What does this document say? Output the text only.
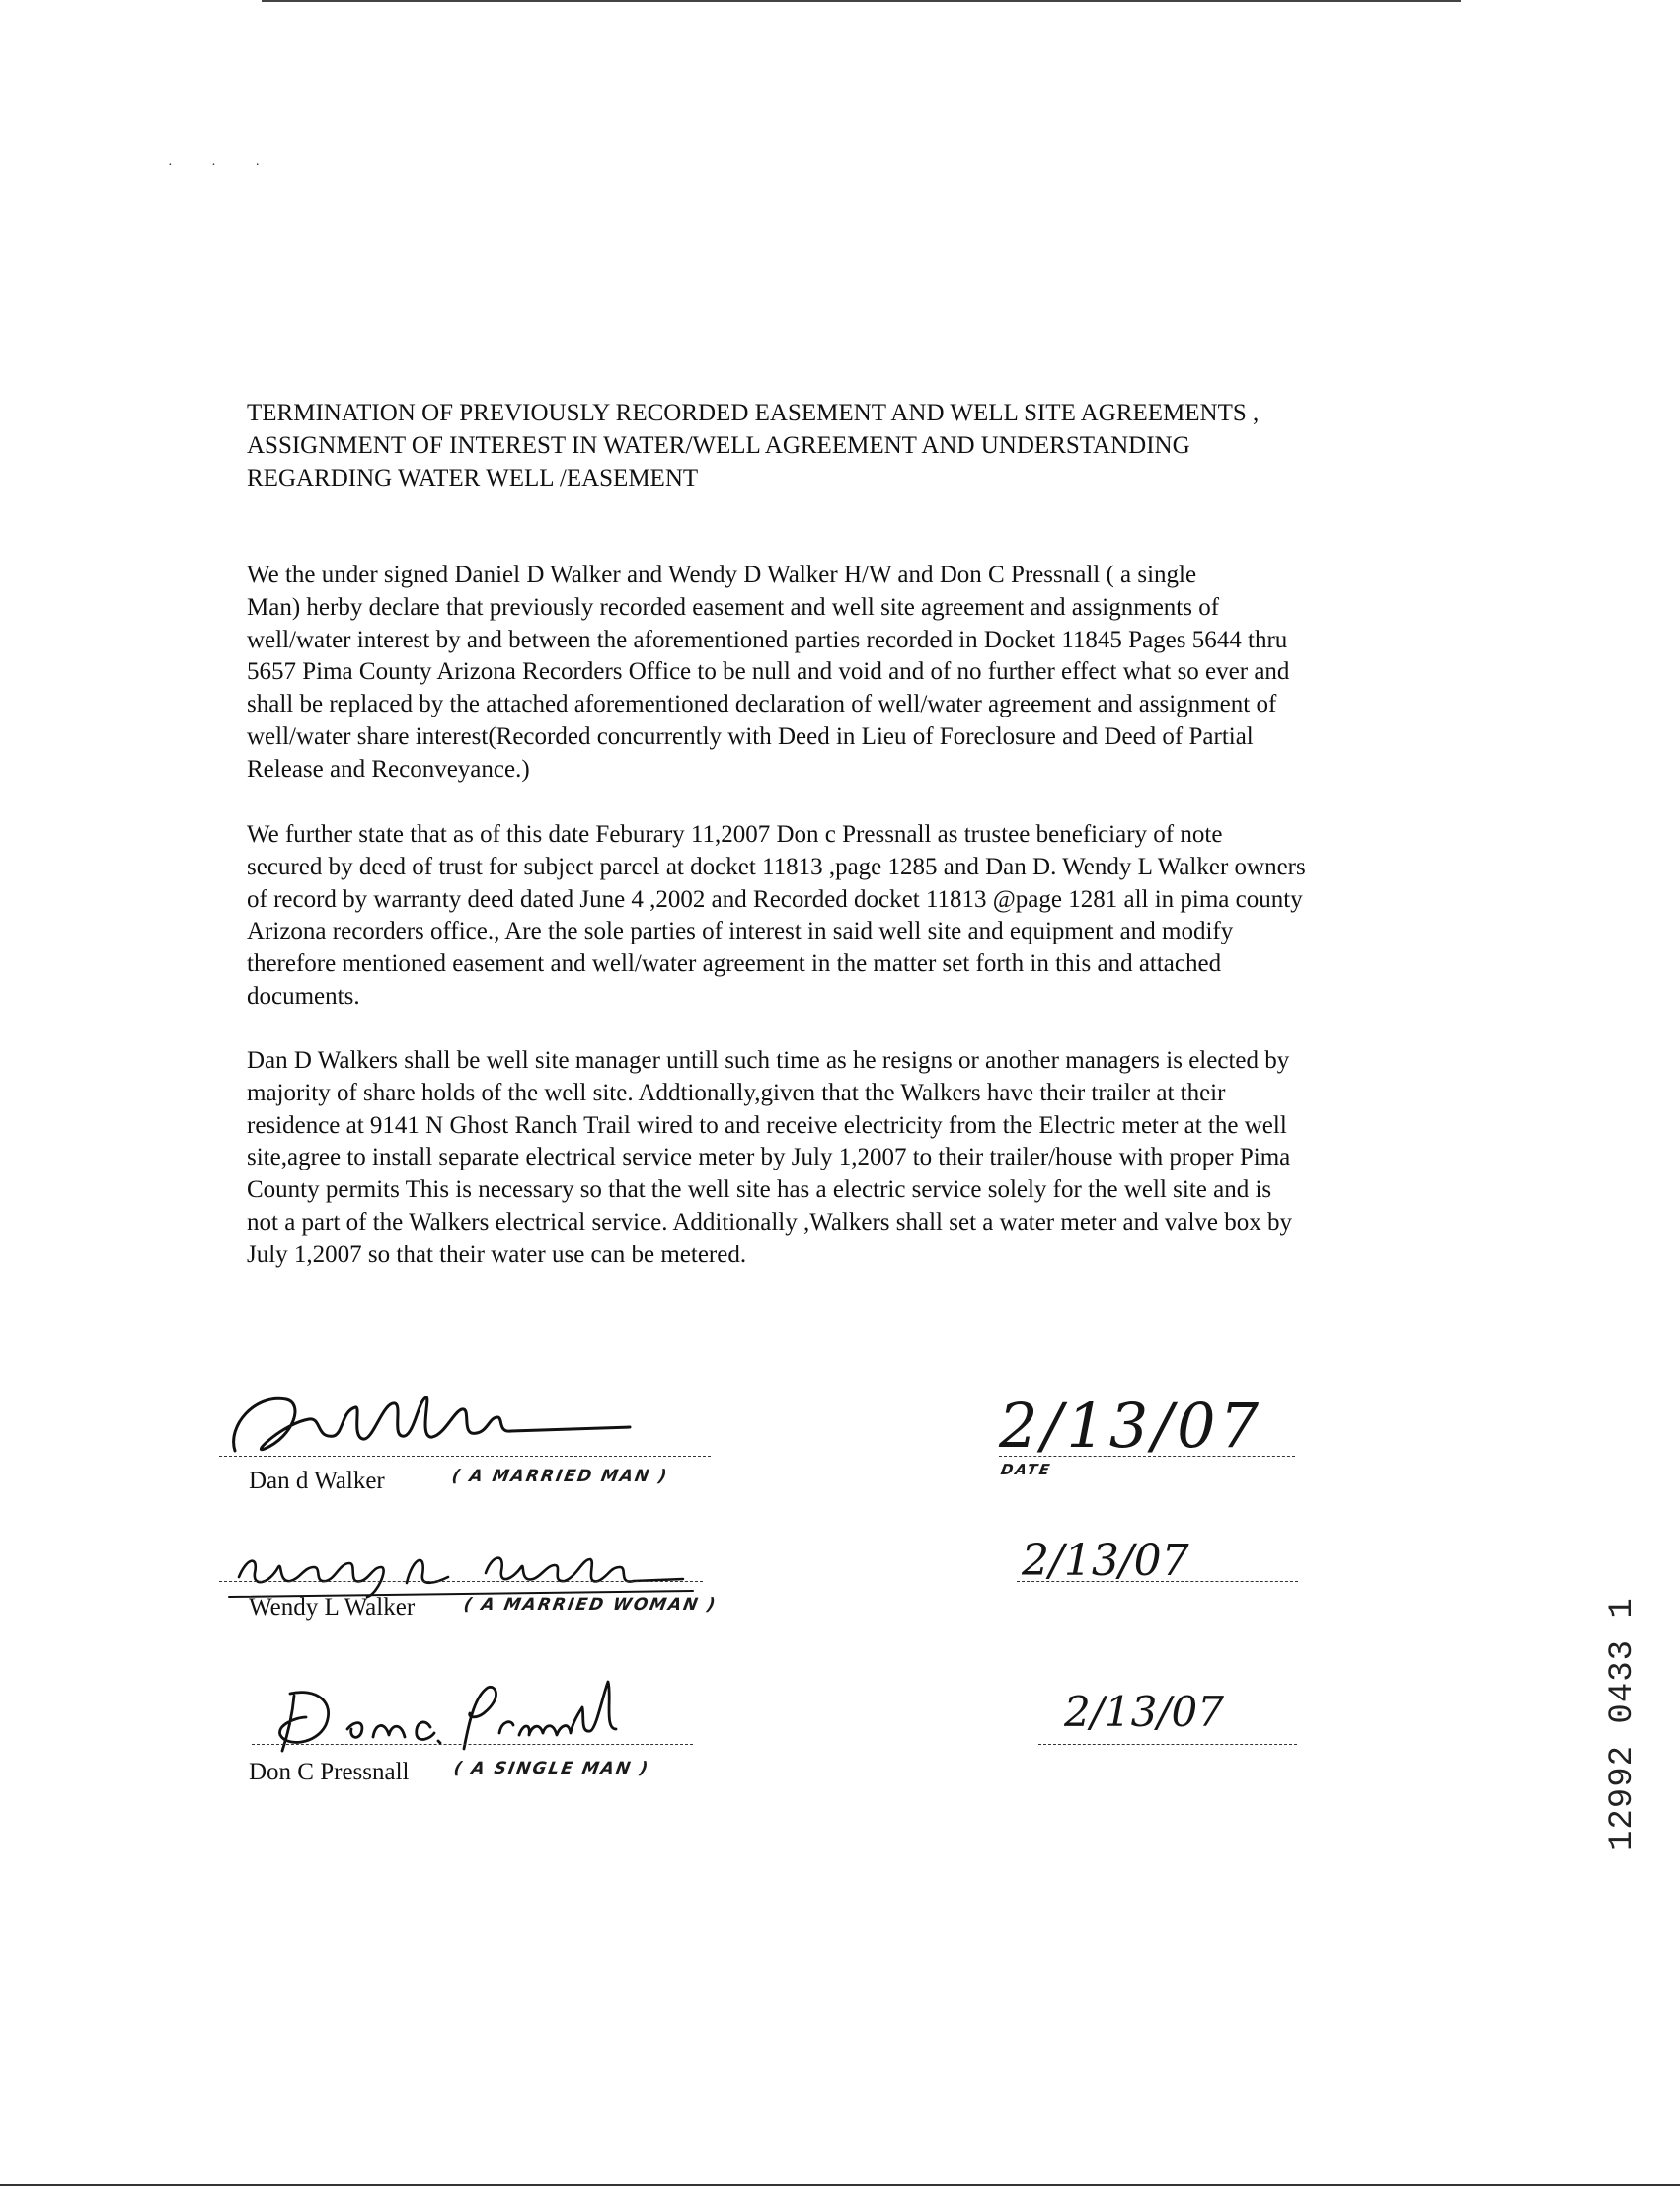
· · ·
TERMINATION OF PREVIOUSLY RECORDED EASEMENT AND WELL SITE AGREEMENTS ,
ASSIGNMENT OF INTEREST IN WATER/WELL AGREEMENT AND UNDERSTANDING
REGARDING WATER WELL /EASEMENT

We the under signed Daniel D Walker and Wendy D Walker H/W and Don C Pressnall ( a single
Man) herby declare that previously recorded easement and well site agreement and assignments of
well/water interest by and between the aforementioned parties recorded in Docket 11845 Pages 5644 thru
5657 Pima County Arizona Recorders Office to be null and void and of no further effect what so ever and
shall be replaced by the attached aforementioned declaration of well/water agreement and assignment of
well/water share interest(Recorded concurrently with Deed in Lieu of Foreclosure and Deed of Partial
Release and Reconveyance.)

We further state that as of this date Feburary 11,2007 Don c Pressnall as trustee beneficiary of note
secured by deed of trust for subject parcel at docket 11813 ,page 1285 and Dan D. Wendy L Walker owners
of record by warranty deed dated June 4 ,2002 and Recorded docket 11813 @page 1281 all in pima county
Arizona recorders office., Are the sole parties of interest in said well site and equipment and modify
therefore mentioned easement and well/water agreement in the matter set forth in this and attached
documents.

Dan D Walkers shall be well site manager untill such time as he resigns or another managers is elected by
majority of share holds of the well site. Addtionally,given that the Walkers have their trailer at their
residence at 9141 N Ghost Ranch Trail wired to and receive electricity from the Electric meter at the well
site,agree to install separate electrical service meter by July 1,2007 to their trailer/house with proper Pima
County permits This is necessary so that the well site has a electric service solely for the well site and is
not a part of the Walkers electrical service. Additionally ,Walkers shall set a water meter and valve box by
July 1,2007 so that their water use can be metered.

Dan d Walker	( A MARRIED MAN )
2/13/07
DATE
Wendy L Walker	( A MARRIED WOMAN )
2/13/07
Don C Pressnall	( A SINGLE MAN )
2/13/07	12992 0433 1
